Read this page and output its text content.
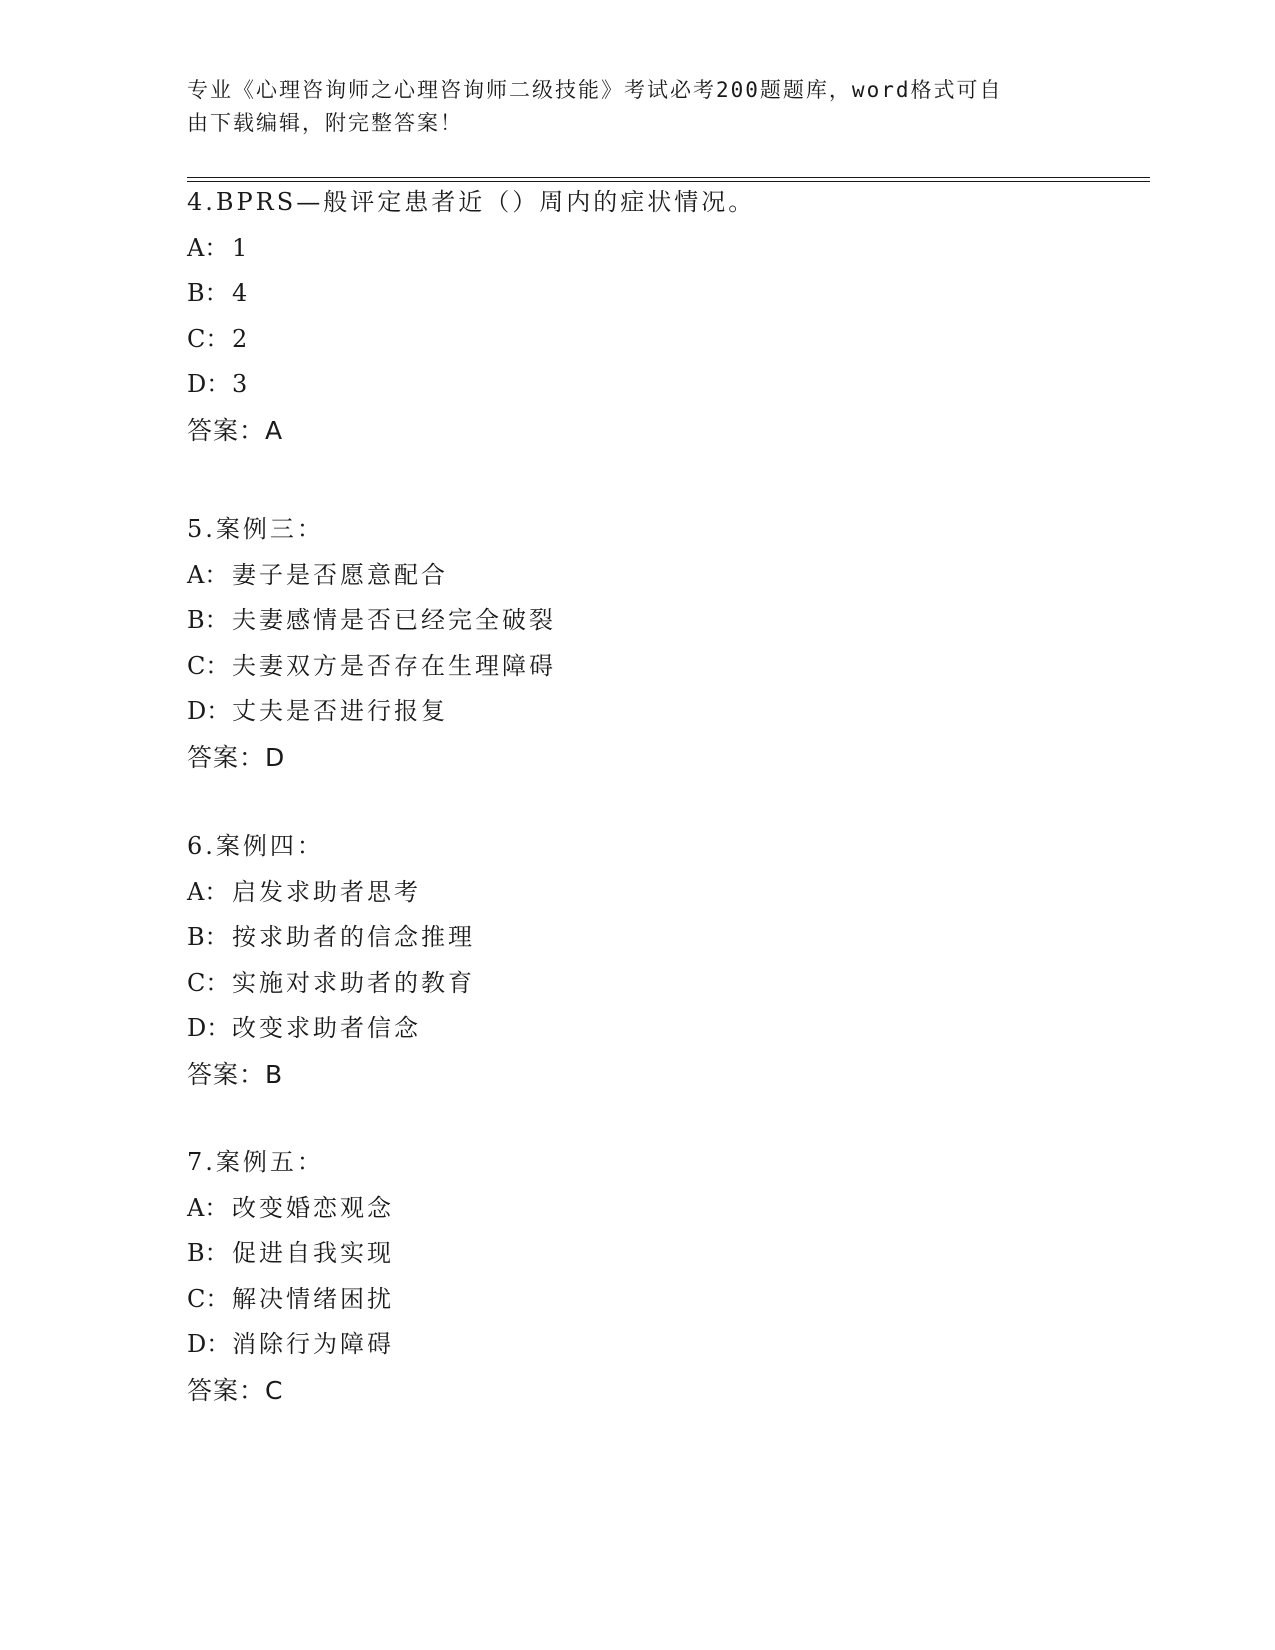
专业《心理咨询师之心理咨询师二级技能》考试必考200题题库，word格式可自
由下载编辑，附完整答案！
4.BPRS—般评定患者近（）周内的症状情况。
A： 1
B： 4
C： 2
D：3
答案：A
5.案例三：
A： 妻子是否愿意配合
B： 夫妻感情是否已经完全破裂
C： 夫妻双方是否存在生理障碍
D：丈夫是否进行报复
答案：D
6.案例四：
A： 启发求助者思考
B： 按求助者的信念推理
C： 实施对求助者的教育
D：改变求助者信念
答案：B
7.案例五：
A： 改变婚恋观念
B： 促进自我实现
C： 解决情绪困扰
D：消除行为障碍
答案：C
